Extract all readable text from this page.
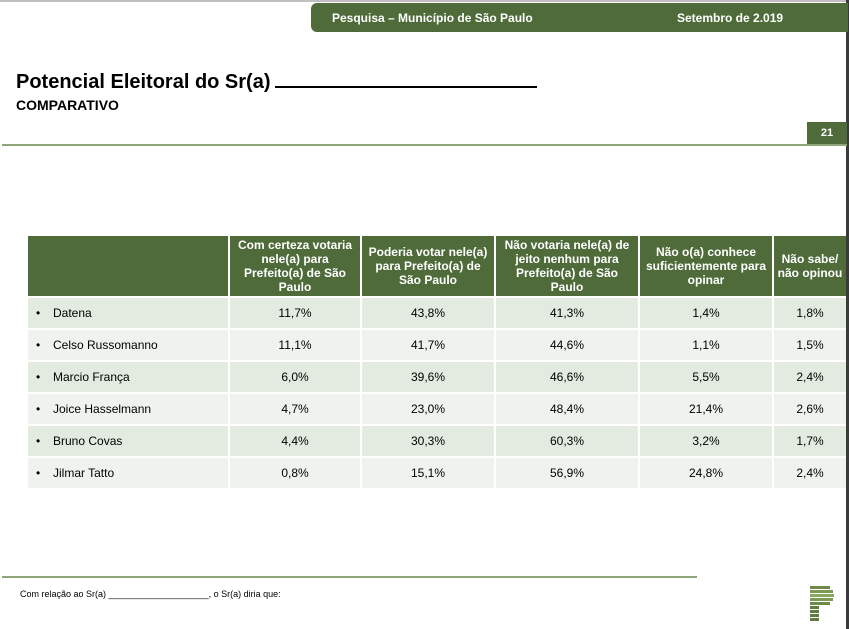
Pesquisa – Município de São Paulo	Setembro de 2.019
Potencial Eleitoral do Sr(a)
COMPARATIVO
21
	Com certeza votaria nele(a) para Prefeito(a) de São Paulo	Poderia votar nele(a) para Prefeito(a) de São Paulo	Não votaria nele(a) de jeito nenhum para Prefeito(a) de São Paulo	Não o(a) conhece suficientemente para opinar	Não sabe/ não opinou
• Datena	11,7%	43,8%	41,3%	1,4%	1,8%
• Celso Russomanno	11,1%	41,7%	44,6%	1,1%	1,5%
• Marcio França	6,0%	39,6%	46,6%	5,5%	2,4%
• Joice Hasselmann	4,7%	23,0%	48,4%	21,4%	2,6%
• Bruno Covas	4,4%	30,3%	60,3%	3,2%	1,7%
• Jilmar Tatto	0,8%	15,1%	56,9%	24,8%	2,4%
Com relação ao Sr(a) ____________________, o Sr(a) diria que:
